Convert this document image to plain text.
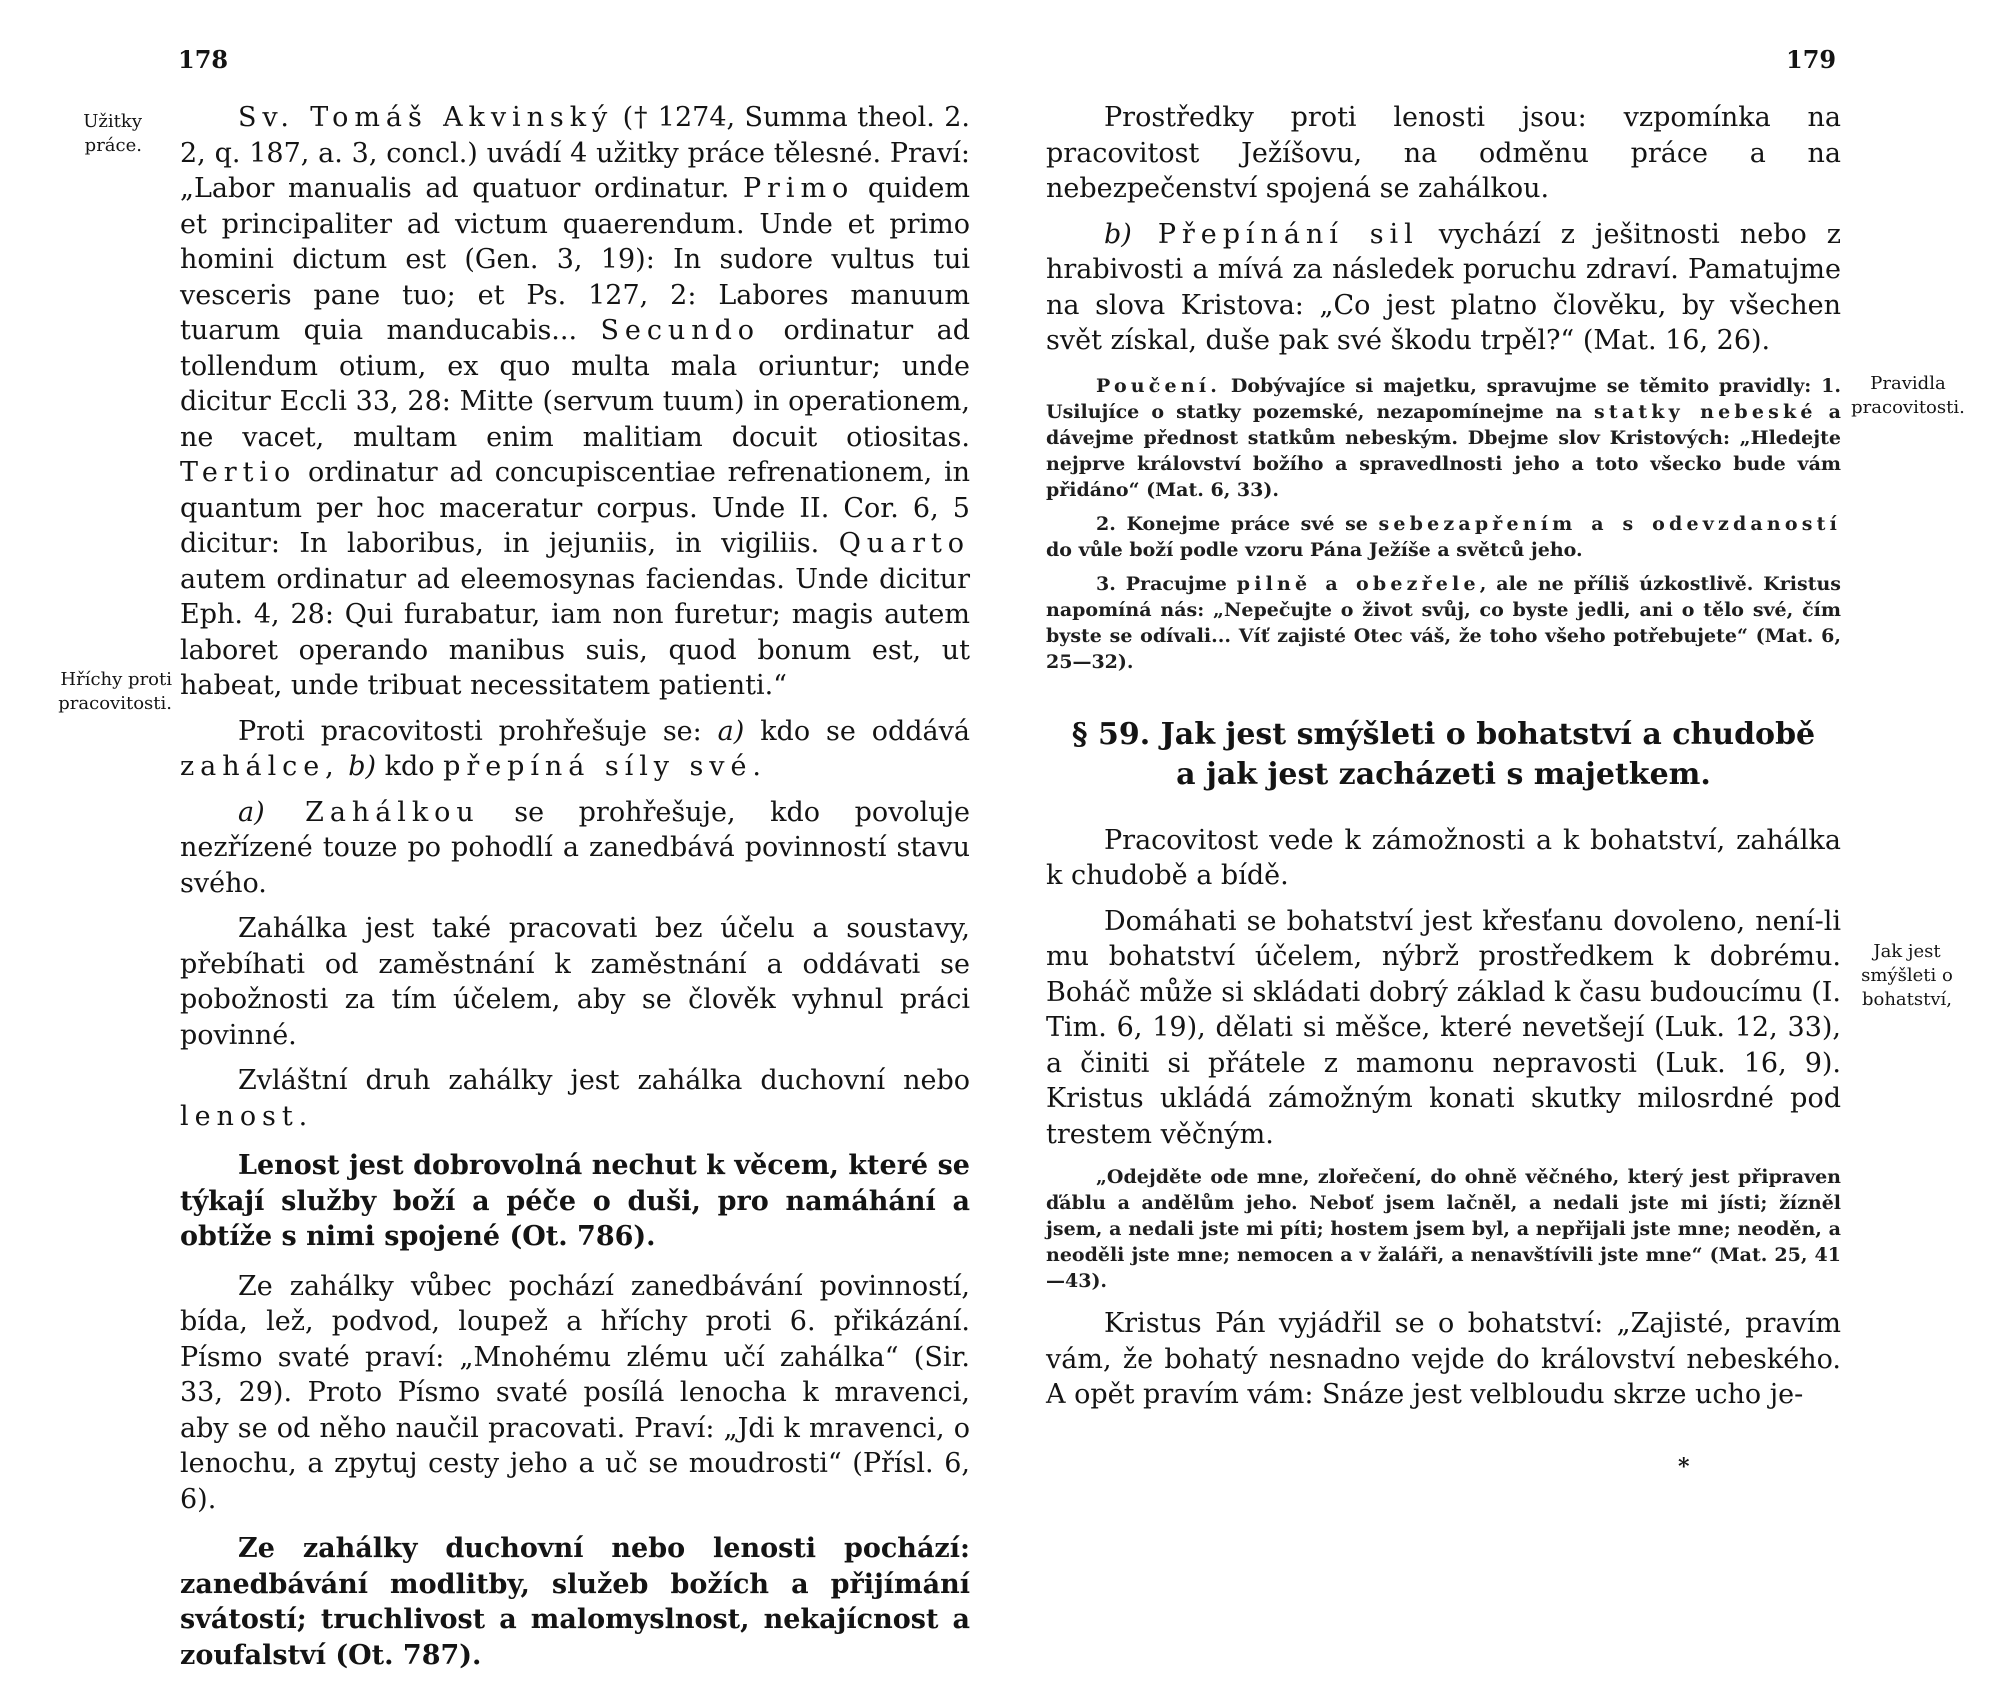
178
Užitky práce.
Hříchy proti pracovitosti.

Sv. Tomáš Akvinský († 1274, Summa theol. 2. 2, q. 187, a. 3, concl.) uvádí 4 užitky práce tělesné. Praví: „Labor manualis ad quatuor ordinatur. Primo quidem et principaliter ad victum quaerendum. Unde et primo homini dictum est (Gen. 3, 19): In sudore vultus tui vesceris pane tuo; et Ps. 127, 2: Labores manuum tuarum quia manducabis... Secundo ordinatur ad tollendum otium, ex quo multa mala oriuntur; unde dicitur Eccli 33, 28: Mitte (servum tuum) in operationem, ne vacet, multam enim malitiam docuit otiositas. Tertio ordinatur ad concupiscentiae refrenationem, in quantum per hoc maceratur corpus. Unde II. Cor. 6, 5 dicitur: In laboribus, in jejuniis, in vigiliis. Quarto autem ordinatur ad eleemosynas faciendas. Unde dicitur Eph. 4, 28: Qui furabatur, iam non furetur; magis autem laboret operando manibus suis, quod bonum est, ut habeat, unde tribuat necessitatem patienti.“

Proti pracovitosti prohřešuje se: a) kdo se oddává zahálce, b) kdo přepíná síly své.

a) Zahálkou se prohřešuje, kdo povoluje nezřízené touze po pohodlí a zanedbává povinností stavu svého.

Zahálka jest také pracovati bez účelu a soustavy, přebíhati od zaměstnání k zaměstnání a oddávati se pobožnosti za tím účelem, aby se člověk vyhnul práci povinné.

Zvláštní druh zahálky jest zahálka duchovní nebo lenost.

Lenost jest dobrovolná nechut k věcem, které se týkají služby boží a péče o duši, pro namáhání a obtíže s nimi spojené (Ot. 786).

Ze zahálky vůbec pochází zanedbávání povinností, bída, lež, podvod, loupež a hříchy proti 6. přikázání. Písmo svaté praví: „Mnohému zlému učí zahálka“ (Sir. 33, 29). Proto Písmo svaté posílá lenocha k mravenci, aby se od něho naučil pracovati. Praví: „Jdi k mravenci, o lenochu, a zpytuj cesty jeho a uč se moudrosti“ (Přísl. 6, 6).

Ze zahálky duchovní nebo lenosti pochází: zanedbávání modlitby, služeb božích a přijímání svátostí; truchlivost a malomyslnost, nekajícnost a zoufalství (Ot. 787).

179
Pravidla pracovitosti.
Jak jest smýšleti o bohatství,

Prostředky proti lenosti jsou: vzpomínka na pracovitost Ježíšovu, na odměnu práce a na nebezpečenství spojená se zahálkou.

b) Přepínání sil vychází z ješitnosti nebo z hrabivosti a mívá za následek poruchu zdraví. Pamatujme na slova Kristova: „Co jest platno člověku, by všechen svět získal, duše pak své škodu trpěl?“ (Mat. 16, 26).

Poučení. Dobývajíce si majetku, spravujme se těmito pravidly: 1. Usilujíce o statky pozemské, nezapomínejme na statky nebeské a dávejme přednost statkům nebeským. Dbejme slov Kristových: „Hledejte nejprve království božího a spravedlnosti jeho a toto všecko bude vám přidáno“ (Mat. 6, 33).

2. Konejme práce své se sebezapřením a s odevzdaností do vůle boží podle vzoru Pána Ježíše a světců jeho.

3. Pracujme pilně a obezřele, ale ne příliš úzkostlivě. Kristus napomíná nás: „Nepečujte o život svůj, co byste jedli, ani o tělo své, čím byste se odívali... Víť zajisté Otec váš, že toho všeho potřebujete“ (Mat. 6, 25—32).

§ 59. Jak jest smýšleti o bohatství a chudobě
a jak jest zacházeti s majetkem.

Pracovitost vede k zámožnosti a k bohatství, zahálka k chudobě a bídě.

Domáhati se bohatství jest křesťanu dovoleno, není-li mu bohatství účelem, nýbrž prostředkem k dobrému. Boháč může si skládati dobrý základ k času budoucímu (I. Tim. 6, 19), dělati si měšce, které nevetšejí (Luk. 12, 33), a činiti si přátele z mamonu nepravosti (Luk. 16, 9). Kristus ukládá zámožným konati skutky milosrdné pod trestem věčným.

„Odejděte ode mne, zlořečení, do ohně věčného, který jest připraven ďáblu a andělům jeho. Neboť jsem lačněl, a nedali jste mi jísti; žízněl jsem, a nedali jste mi píti; hostem jsem byl, a nepřijali jste mne; neoděn, a neoděli jste mne; nemocen a v žaláři, a nenavštívili jste mne“ (Mat. 25, 41—43).

Kristus Pán vyjádřil se o bohatství: „Zajisté, pravím vám, že bohatý nesnadno vejde do království nebeského. A opět pravím vám: Snáze jest velbloudu skrze ucho je-

*
